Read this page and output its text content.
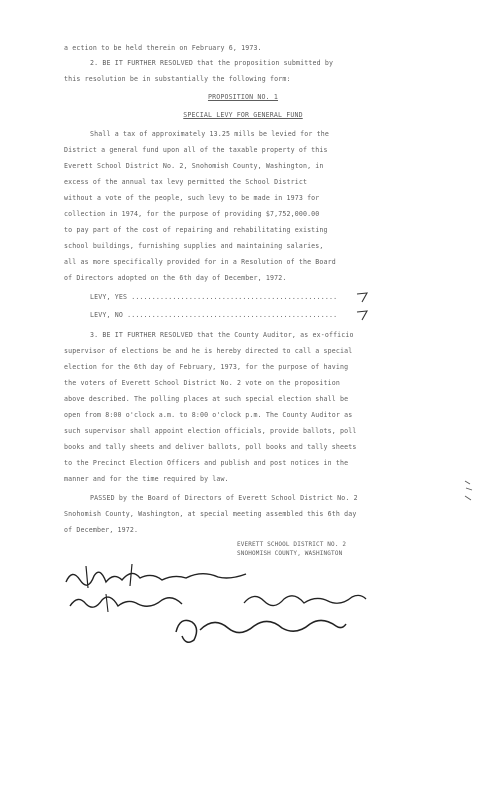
a ection to be held therein on February 6, 1973.
2. BE IT FURTHER RESOLVED that the proposition submitted by
this resolution be in substantially the following form:
PROPOSITION NO. 1
SPECIAL LEVY FOR GENERAL FUND
Shall a tax of approximately 13.25 mills be levied for the
District a general fund upon all of the taxable property of this
Everett School District No. 2, Snohomish County, Washington, in
excess of the annual tax levy permitted the School District
without a vote of the people, such levy to be made in 1973 for
collection in 1974, for the purpose of providing $7,752,000.00
to pay part of the cost of repairing and rehabilitating existing
school buildings, furnishing supplies and maintaining salaries,
all as more specifically provided for in a Resolution of the Board
of Directors adopted on the 6th day of December, 1972.
LEVY, YES ..................................................
LEVY, NO ...................................................
3. BE IT FURTHER RESOLVED that the County Auditor, as ex-officio
supervisor of elections be and he is hereby directed to call a special
election for the 6th day of February, 1973, for the purpose of having
the voters of Everett School District No. 2 vote on the proposition
above described. The polling places at such special election shall be
open from 8:00 o'clock a.m. to 8:00 o'clock p.m. The County Auditor as
such supervisor shall appoint election officials, provide ballots, poll
books and tally sheets and deliver ballots, poll books and tally sheets
to the Precinct Election Officers and publish and post notices in the
manner and for the time required by law.
PASSED by the Board of Directors of Everett School District No. 2
Snohomish County, Washington, at special meeting assembled this 6th day
of December, 1972.
EVERETT SCHOOL DISTRICT NO. 2
SNOHOMISH COUNTY, WASHINGTON
